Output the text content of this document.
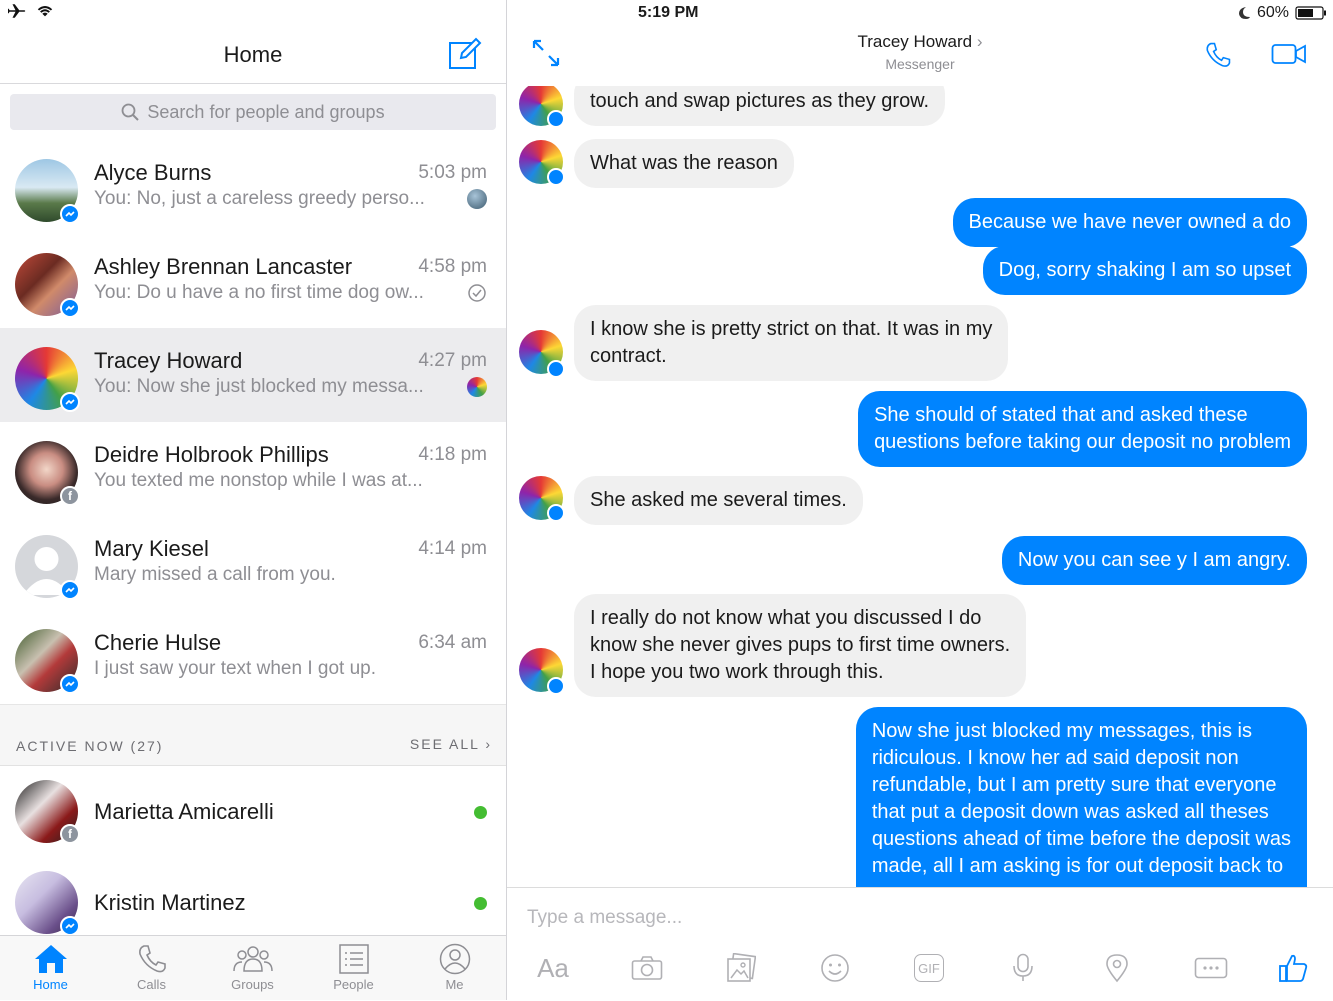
Home
Search for people and groups
Alyce Burns	5:03 pm
You: No, just a careless greedy perso...
Ashley Brennan Lancaster	4:58 pm
You: Do u have a no first time dog ow...
Tracey Howard	4:27 pm
You: Now she just blocked my messa...
f
Deidre Holbrook Phillips	4:18 pm
You texted me nonstop while I was at...
Mary Kiesel	4:14 pm
Mary missed a call from you.
Cherie Hulse	6:34 am
I just saw your text when I got up.
ACTIVE NOW (27)	SEE ALL ›
f
Marietta Amicarelli
Kristin Martinez
Home	Calls	Groups	People	Me
5:19 PM	60%
Tracey Howard ›
Messenger
touch and swap pictures as they grow.
What was the reason
Because we have never owned a do
Dog, sorry shaking I am so upset
I know she is pretty strict on that. It was in my
contract.
She should of stated that and asked these
questions before taking our deposit no problem
She asked me several times.
Now you can see y I am angry.
I really do not know what you discussed I do
know she never gives pups to first time owners.
I hope you two work through this.
Now she just blocked my messages, this is
ridiculous. I know her ad said deposit non
refundable, but I am pretty sure that everyone
that put a deposit down was asked all theses
questions ahead of time before the deposit was
made, all I am asking is for out deposit back to
Type a message...
Aa	GIF
